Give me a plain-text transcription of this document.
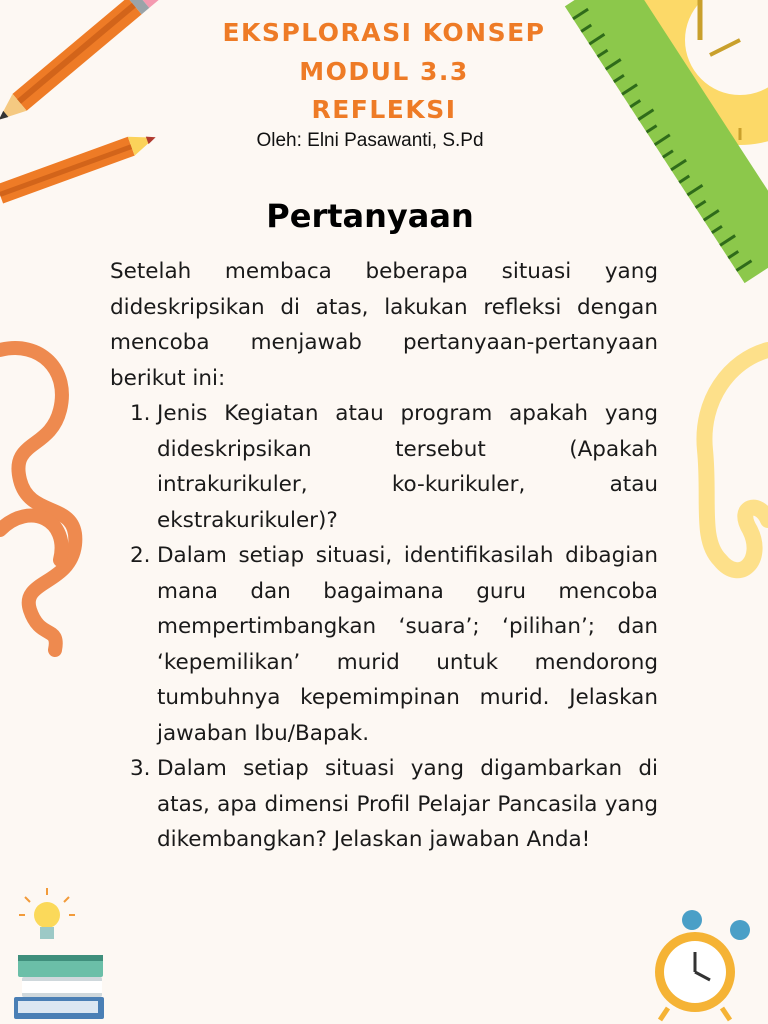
EKSPLORASI KONSEP
MODUL 3.3
REFLEKSI
Oleh: Elni Pasawanti, S.Pd
Pertanyaan

Setelah membaca beberapa situasi yang dideskripsikan di atas, lakukan refleksi dengan mencoba menjawab pertanyaan-pertanyaan berikut ini:

1. Jenis Kegiatan atau program apakah yang dideskripsikan tersebut (Apakah intrakurikuler, ko-kurikuler, atau ekstrakurikuler)?
2. Dalam setiap situasi, identifikasilah dibagian mana dan bagaimana guru mencoba mempertimbangkan ‘suara’; ‘pilihan’; dan ‘kepemilikan’ murid untuk mendorong tumbuhnya kepemimpinan murid. Jelaskan jawaban Ibu/Bapak.
3. Dalam setiap situasi yang digambarkan di atas, apa dimensi Profil Pelajar Pancasila yang dikembangkan? Jelaskan jawaban Anda!
